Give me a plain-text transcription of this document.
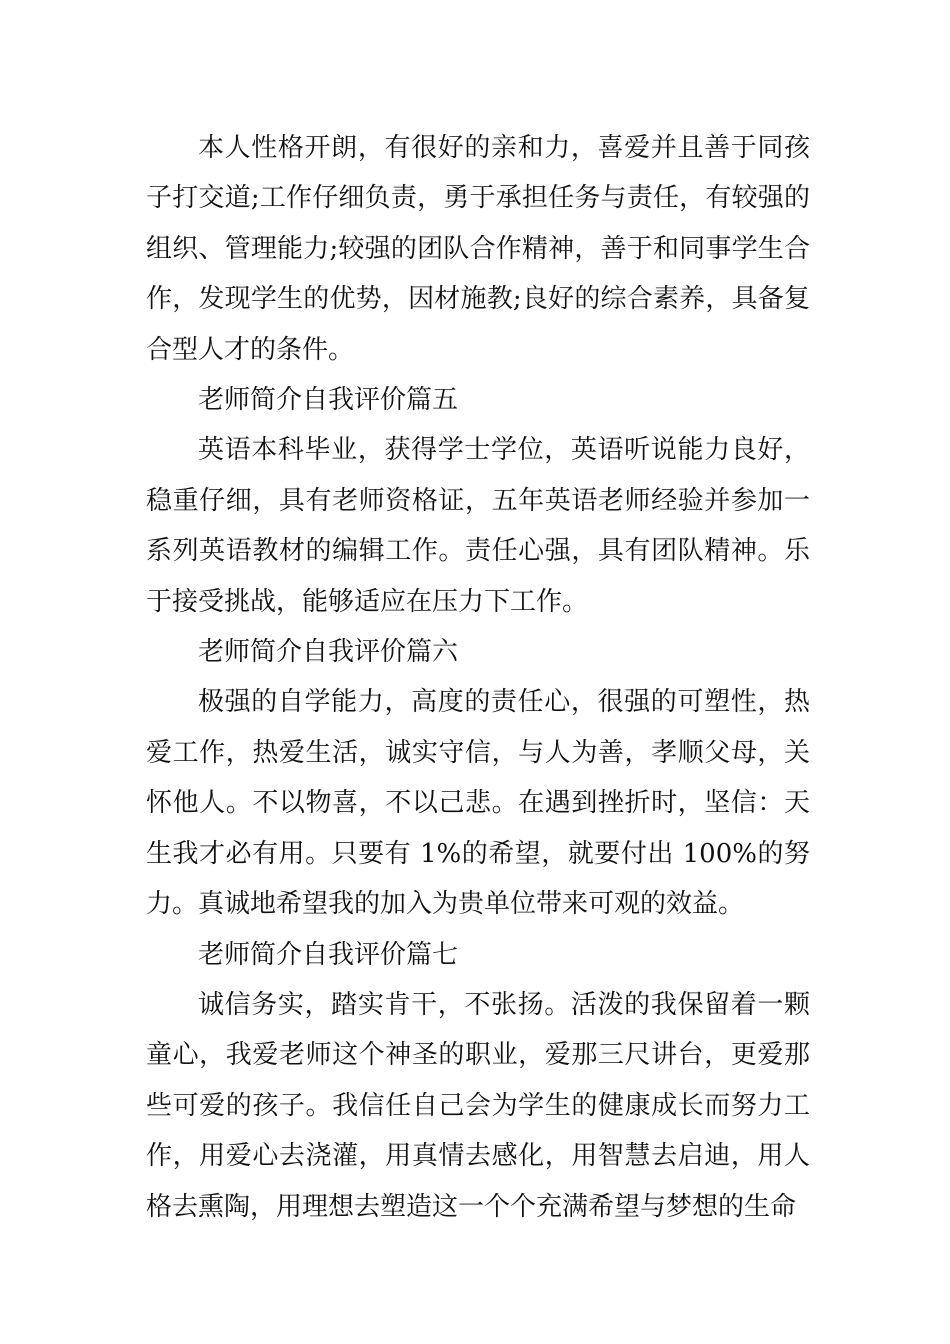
本人性格开朗，有很好的亲和力，喜爱并且善于同孩子打交道;工作仔细负责，勇于承担任务与责任，有较强的组织、管理能力;较强的团队合作精神，善于和同事学生合作，发现学生的优势，因材施教;良好的综合素养，具备复合型人才的条件。

老师简介自我评价篇五

英语本科毕业，获得学士学位，英语听说能力良好，稳重仔细，具有老师资格证，五年英语老师经验并参加一系列英语教材的编辑工作。责任心强，具有团队精神。乐于接受挑战，能够适应在压力下工作。

老师简介自我评价篇六

极强的自学能力，高度的责任心，很强的可塑性，热爱工作，热爱生活，诚实守信，与人为善，孝顺父母，关怀他人。不以物喜，不以己悲。在遇到挫折时，坚信：天生我才必有用。只要有 1%的希望，就要付出 100%的努力。真诚地希望我的加入为贵单位带来可观的效益。

老师简介自我评价篇七

诚信务实，踏实肯干，不张扬。活泼的我保留着一颗童心，我爱老师这个神圣的职业，爱那三尺讲台，更爱那些可爱的孩子。我信任自己会为学生的健康成长而努力工作，用爱心去浇灌，用真情去感化，用智慧去启迪，用人格去熏陶，用理想去塑造这一个个充满希望与梦想的生命
